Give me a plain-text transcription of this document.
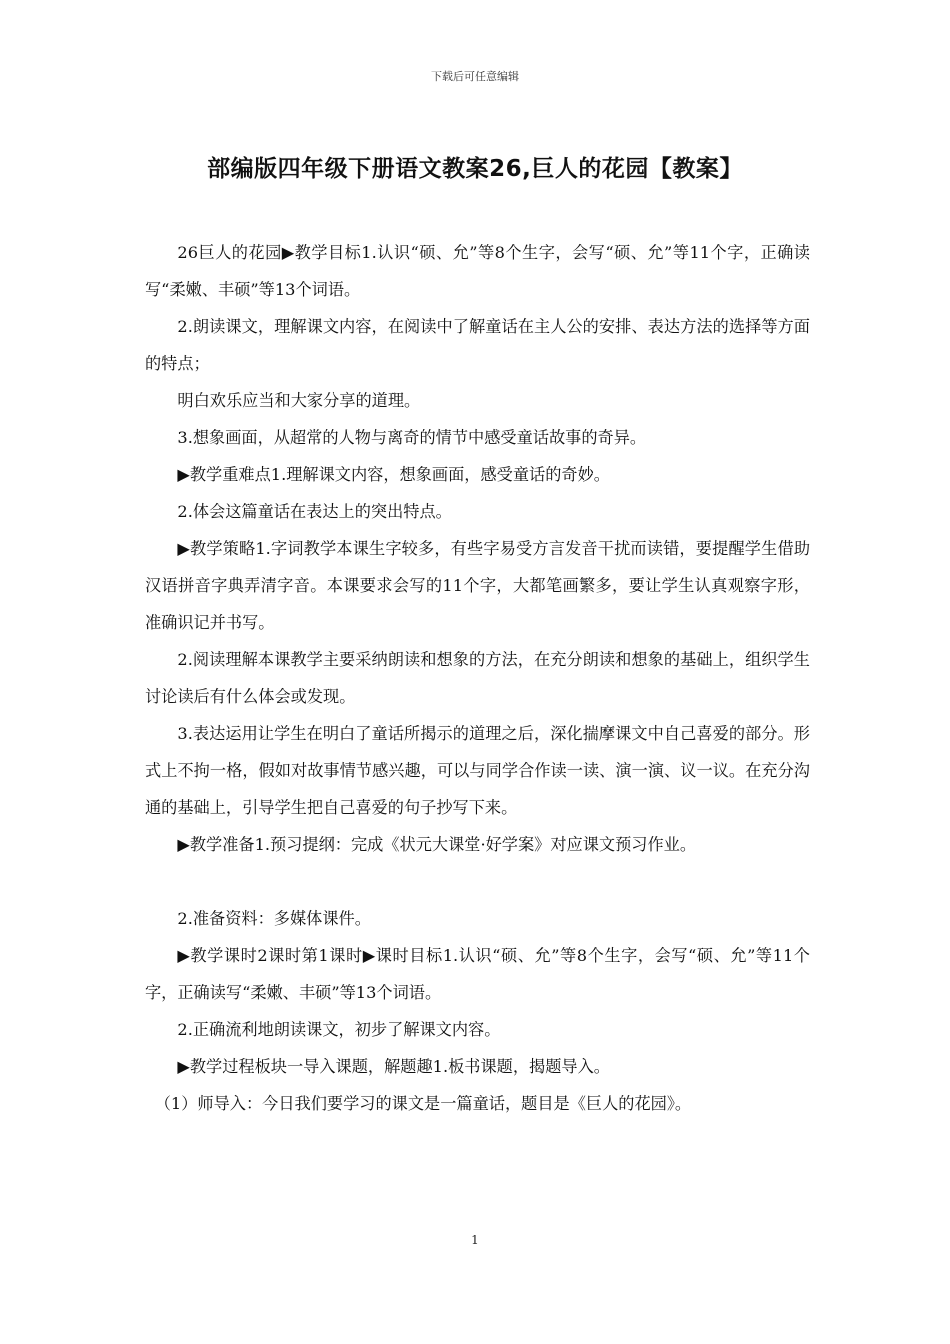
下载后可任意编辑
部编版四年级下册语文教案26,巨人的花园【教案】

26巨人的花园▶教学目标1.认识“硕、允”等8个生字，会写“硕、允”等11个字，正确读写“柔嫩、丰硕”等13个词语。

2.朗读课文，理解课文内容，在阅读中了解童话在主人公的安排、表达方法的选择等方面的特点；

明白欢乐应当和大家分享的道理。

3.想象画面，从超常的人物与离奇的情节中感受童话故事的奇异。

▶教学重难点1.理解课文内容，想象画面，感受童话的奇妙。

2.体会这篇童话在表达上的突出特点。

▶教学策略1.字词教学本课生字较多，有些字易受方言发音干扰而读错，要提醒学生借助汉语拼音字典弄清字音。本课要求会写的11个字，大都笔画繁多，要让学生认真观察字形，准确识记并书写。

2.阅读理解本课教学主要采纳朗读和想象的方法，在充分朗读和想象的基础上，组织学生讨论读后有什么体会或发现。

3.表达运用让学生在明白了童话所揭示的道理之后，深化揣摩课文中自己喜爱的部分。形式上不拘一格，假如对故事情节感兴趣，可以与同学合作读一读、演一演、议一议。在充分沟通的基础上，引导学生把自己喜爱的句子抄写下来。

▶教学准备1.预习提纲：完成《状元大课堂·好学案》对应课文预习作业。

2.准备资料：多媒体课件。

▶教学课时2课时第1课时▶课时目标1.认识“硕、允”等8个生字，会写“硕、允”等11个字，正确读写“柔嫩、丰硕”等13个词语。

2.正确流利地朗读课文，初步了解课文内容。

▶教学过程板块一导入课题，解题趣1.板书课题，揭题导入。

（1）师导入：今日我们要学习的课文是一篇童话，题目是《巨人的花园》。

1
